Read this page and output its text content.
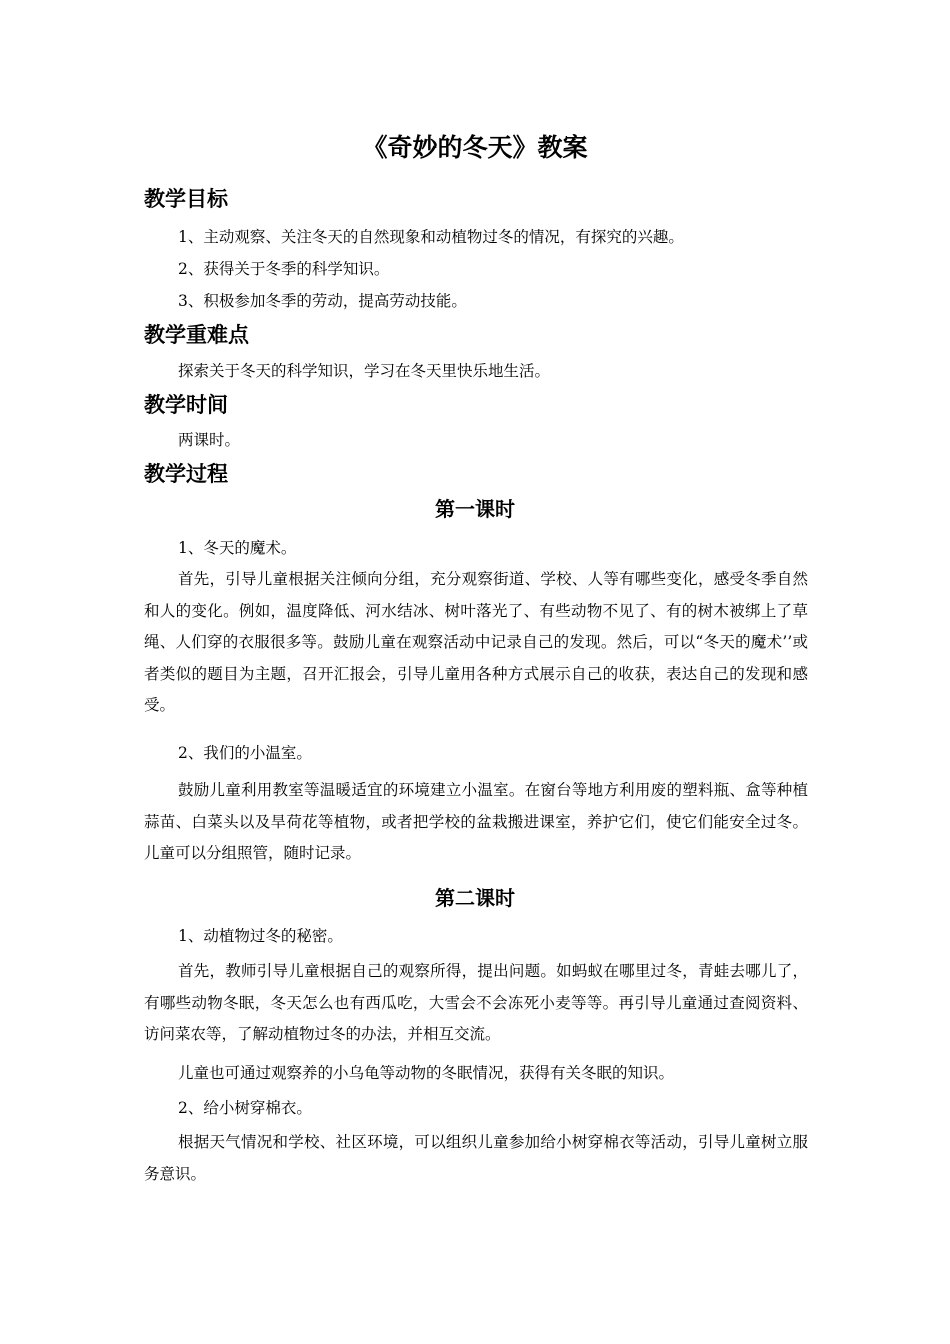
《奇妙的冬天》教案
教学目标
1、主动观察、关注冬天的自然现象和动植物过冬的情况，有探究的兴趣。
2、获得关于冬季的科学知识。
3、积极参加冬季的劳动，提高劳动技能。
教学重难点
探索关于冬天的科学知识，学习在冬天里快乐地生活。
教学时间
两课时。
教学过程
第一课时
1、冬天的魔术。
首先，引导儿童根据关注倾向分组，充分观察街道、学校、人等有哪些变化，感受冬季自然和人的变化。例如，温度降低、河水结冰、树叶落光了、有些动物不见了、有的树木被绑上了草绳、人们穿的衣服很多等。鼓励儿童在观察活动中记录自己的发现。然后，可以“冬天的魔术’’或者类似的题目为主题，召开汇报会，引导儿童用各种方式展示自己的收获，表达自己的发现和感受。
2、我们的小温室。
鼓励儿童利用教室等温暖适宜的环境建立小温室。在窗台等地方利用废的塑料瓶、盒等种植蒜苗、白菜头以及旱荷花等植物，或者把学校的盆栽搬进课室，养护它们，使它们能安全过冬。儿童可以分组照管，随时记录。
第二课时
1、动植物过冬的秘密。
首先，教师引导儿童根据自己的观察所得，提出问题。如蚂蚁在哪里过冬，青蛙去哪儿了，有哪些动物冬眠，冬天怎么也有西瓜吃，大雪会不会冻死小麦等等。再引导儿童通过查阅资料、访问菜农等，了解动植物过冬的办法，并相互交流。
儿童也可通过观察养的小乌龟等动物的冬眠情况，获得有关冬眠的知识。
2、给小树穿棉衣。
根据天气情况和学校、社区环境，可以组织儿童参加给小树穿棉衣等活动，引导儿童树立服务意识。
